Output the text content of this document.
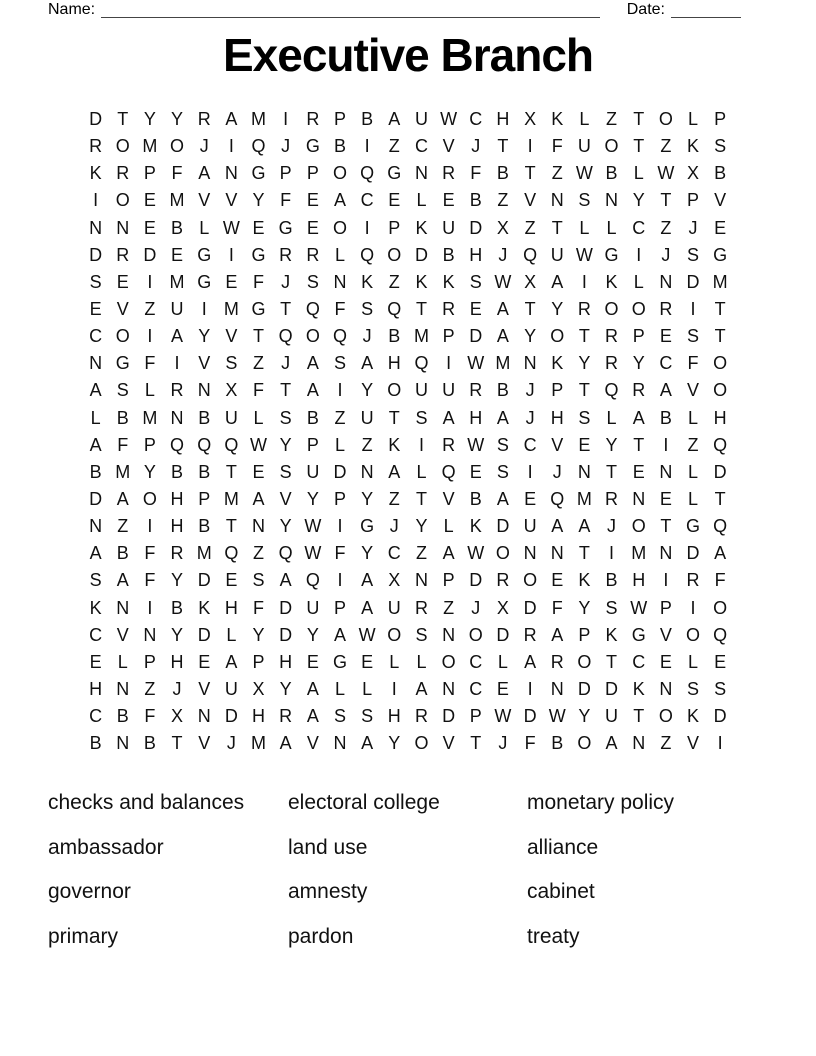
Name:	Date:
Executive Branch
D T Y Y R A M I	R P B A U W C H X K L Z T O L P
R O M O J	I Q J G B	I	Z C V J T	I	F U O T Z K S
K R P F A N G P P O Q G N R F B T Z W B L W X B
I O E M V V Y F E A C E L E B Z V N S N Y T P V
N N E B L W E G E O I	P K U D X Z T L L C Z J E
D R D E G I G R R L Q O D B H J Q U W G I	J S G
S E	I M G E F J S N K Z K K S W X A	I	K L N D M
E V Z U	I M G T Q F S Q T R E A T Y R O O R	I	T
C O I	A Y V T Q O Q J B M P D A Y O T R P E S T
N G F	I	V S Z J A S A H Q I W M N K Y R Y C F O
A S L R N X F T A	I	Y O U U R B J P T Q R A V O
L B M N B U L S B Z U T S A H A J H S L A B L H
A F P Q Q Q W Y P L Z K	I	R W S C V E Y T	I	Z Q
B M Y B B T E S U D N A L Q E S	I	J N T E N L D
D A O H P M A V Y P Y Z T V B A E Q M R N E L T
N Z	I	H B T N Y W I G J Y L K D U A A J O T G Q
A B F R M Q Z Q W F Y C Z A W O N N T	I M N D A
S A F Y D E S A Q I	A X N P D R O E K B H	I	R F
K N	I	B K H F D U P A U R Z J X D F Y S W P	I O
C V N Y D L Y D Y A W O S N O D R A P K G V O Q
E L P H E A P H E G E L L O C L A R O T C E L E
H N Z J V U X Y A L L	I	A N C E	I	N D D K N S S
C B F X N D H R A S S H R D P W D W Y U T O K D
B N B T V J M A V N A Y O V T J F B O A N Z V	I
checks and balances
ambassador
governor
primary
electoral college
land use
amnesty
pardon
monetary policy
alliance
cabinet
treaty
